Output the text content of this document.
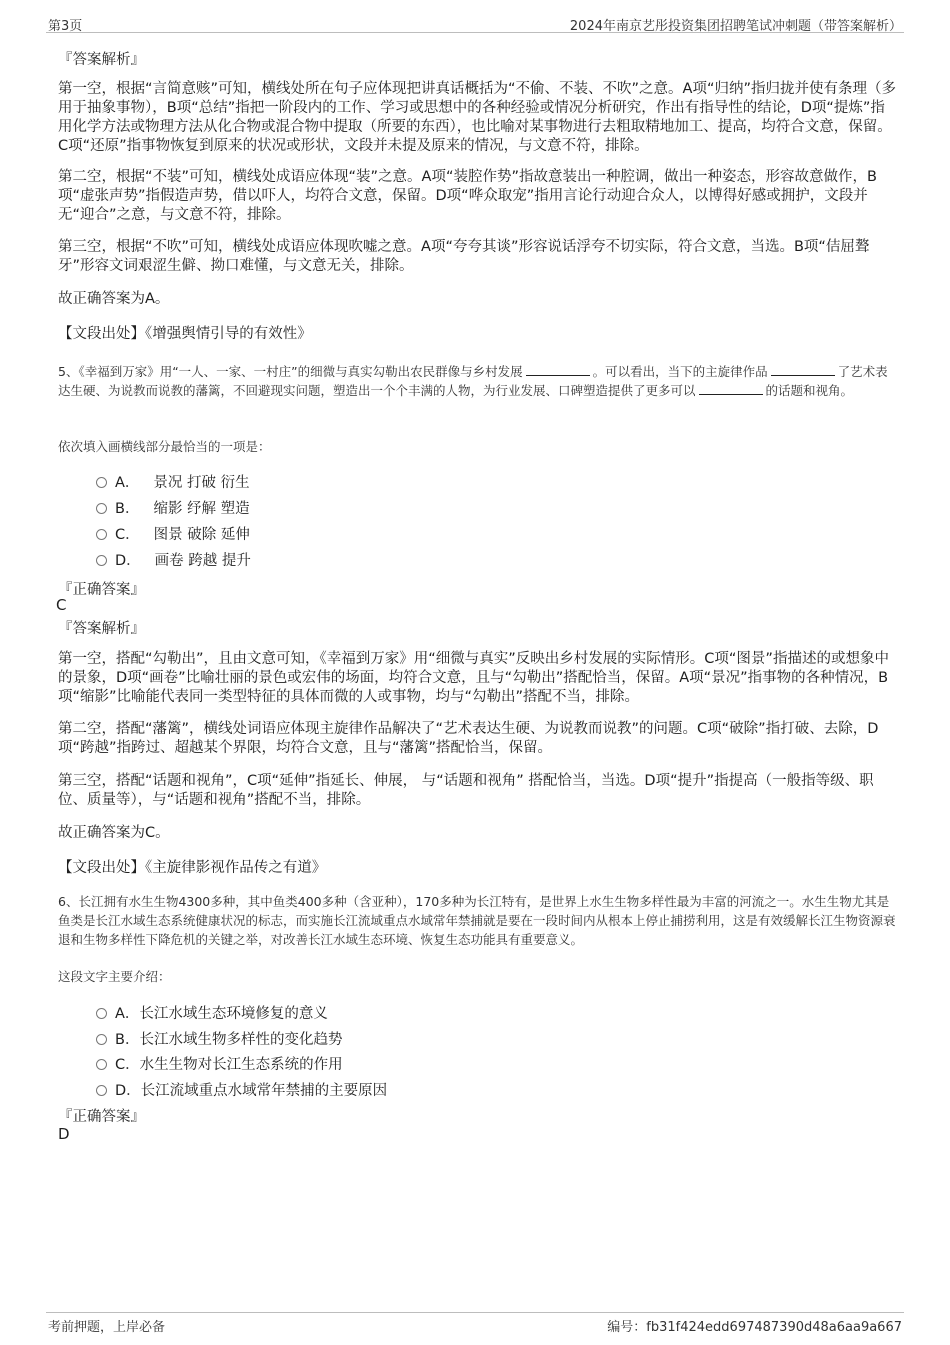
第3页	2024年南京艺彤投资集团招聘笔试冲刺题（带答案解析）
『答案解析』
第一空，根据“言简意赅”可知，横线处所在句子应体现把讲真话概括为“不偷、不装、不吹”之意。A项“归纳”指归拢并使有条理（多用于抽象事物），B项“总结”指把一阶段内的工作、学习或思想中的各种经验或情况分析研究，作出有指导性的结论，D项“提炼”指用化学方法或物理方法从化合物或混合物中提取（所要的东西），也比喻对某事物进行去粗取精地加工、提高，均符合文意，保留。C项“还原”指事物恢复到原来的状况或形状，文段并未提及原来的情况，与文意不符，排除。
第二空，根据“不装”可知，横线处成语应体现“装”之意。A项“装腔作势”指故意装出一种腔调，做出一种姿态，形容故意做作，B项“虚张声势”指假造声势，借以吓人，均符合文意，保留。D项“哗众取宠”指用言论行动迎合众人，以博得好感或拥护，文段并无“迎合”之意，与文意不符，排除。
第三空，根据“不吹”可知，横线处成语应体现吹嘘之意。A项“夸夸其谈”形容说话浮夸不切实际，符合文意，当选。B项“佶屈聱牙”形容文词艰涩生僻、拗口难懂，与文意无关，排除。
故正确答案为A。
【文段出处】《增强舆情引导的有效性》
5、《幸福到万家》用“一人、一家、一村庄”的细微与真实勾勒出农民群像与乡村发展	。可以看出，当下的主旋律作品	了艺术表达生硬、为说教而说教的藩篱，不回避现实问题，塑造出一个个丰满的人物，为行业发展、口碑塑造提供了更多可以	的话题和视角。
依次填入画横线部分最恰当的一项是：
A． 景况 打破 衍生
B． 缩影 纾解 塑造
C． 图景 破除 延伸
D． 画卷 跨越 提升
『正确答案』
C
『答案解析』
第一空，搭配“勾勒出”，且由文意可知，《幸福到万家》用“细微与真实”反映出乡村发展的实际情形。C项“图景”指描述的或想象中的景象，D项“画卷”比喻壮丽的景色或宏伟的场面，均符合文意，且与“勾勒出”搭配恰当，保留。A项“景况”指事物的各种情况，B项“缩影”比喻能代表同一类型特征的具体而微的人或事物，均与“勾勒出”搭配不当，排除。
第二空，搭配“藩篱”，横线处词语应体现主旋律作品解决了“艺术表达生硬、为说教而说教”的问题。C项“破除”指打破、去除，D项“跨越”指跨过、超越某个界限，均符合文意，且与“藩篱”搭配恰当，保留。
第三空，搭配“话题和视角”，C项“延伸”指延长、伸展， 与“话题和视角” 搭配恰当，当选。D项“提升”指提高（一般指等级、职位、质量等），与“话题和视角”搭配不当，排除。
故正确答案为C。
【文段出处】《主旋律影视作品传之有道》
6、长江拥有水生生物4300多种，其中鱼类400多种（含亚种），170多种为长江特有，是世界上水生生物多样性最为丰富的河流之一。水生生物尤其是鱼类是长江水域生态系统健康状况的标志，而实施长江流域重点水域常年禁捕就是要在一段时间内从根本上停止捕捞利用，这是有效缓解长江生物资源衰退和生物多样性下降危机的关键之举，对改善长江水域生态环境、恢复生态功能具有重要意义。
这段文字主要介绍：
A．长江水域生态环境修复的意义
B．长江水域生物多样性的变化趋势
C．水生生物对长江生态系统的作用
D．长江流域重点水域常年禁捕的主要原因
『正确答案』
D
考前押题，上岸必备	编号：fb31f424edd697487390d48a6aa9a667
